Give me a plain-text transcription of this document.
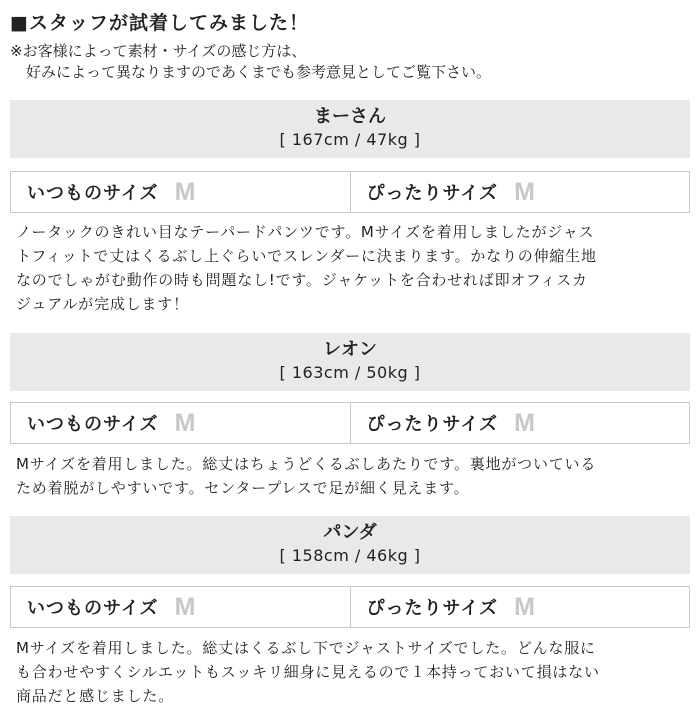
■スタッフが試着してみました！
※お客様によって素材・サイズの感じ方は、
好みによって異なりますのであくまでも参考意見としてご覧下さい。
まーさん
[ 167cm / 47kg ]
いつものサイズ M	ぴったりサイズ M
ノータックのきれい目なテーパードパンツです。Mサイズを着用しましたがジャス
トフィットで丈はくるぶし上ぐらいでスレンダーに決まります。かなりの伸縮生地
なのでしゃがむ動作の時も問題なし!です。ジャケットを合わせれば即オフィスカ
ジュアルが完成します！
レオン
[ 163cm / 50kg ]
いつものサイズ M	ぴったりサイズ M
Mサイズを着用しました。総丈はちょうどくるぶしあたりです。裏地がついている
ため着脱がしやすいです。センタープレスで足が細く見えます。
パンダ
[ 158cm / 46kg ]
いつものサイズ M	ぴったりサイズ M
Mサイズを着用しました。総丈はくるぶし下でジャストサイズでした。どんな服に
も合わせやすくシルエットもスッキリ細身に見えるので１本持っておいて損はない
商品だと感じました。
